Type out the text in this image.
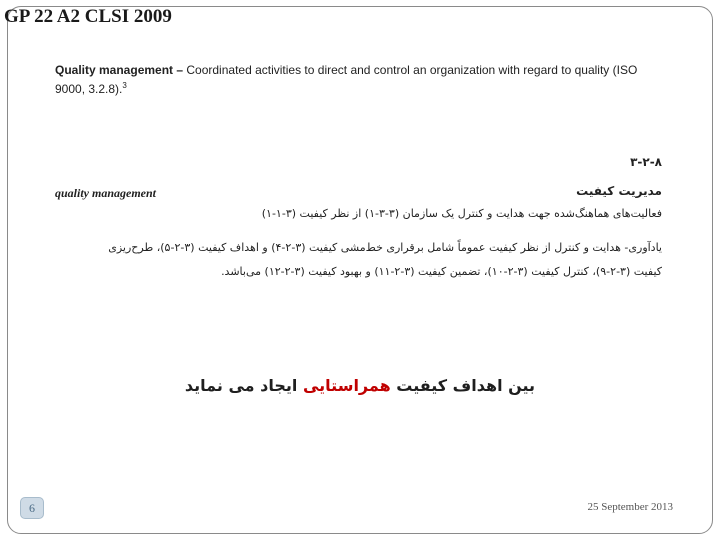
GP 22 A2 CLSI 2009
Quality management – Coordinated activities to direct and control an organization with regard to quality (ISO 9000, 3.2.8).$^3$
۳-۲-۸
quality management	مدیریت کیفیت
فعالیت‌های هماهنگ‌شده جهت هدایت و کنترل یک سازمان (۳-۳-۱) از نظر کیفیت (۳-۱-۱)
یادآوری- هدایت و کنترل از نظر کیفیت عموماً شامل برقراری خط‌مشی کیفیت (۳-۲-۴) و اهداف کیفیت (۳-۲-۵)، طرح‌ریزی
کیفیت (۳-۲-۹)، کنترل کیفیت (۳-۲-۱۰)، تضمین کیفیت (۳-۲-۱۱) و بهبود کیفیت (۳-۲-۱۲) می‌باشد.
بین اهداف کیفیت همراستایی ایجاد می نماید
6	25 September 2013
